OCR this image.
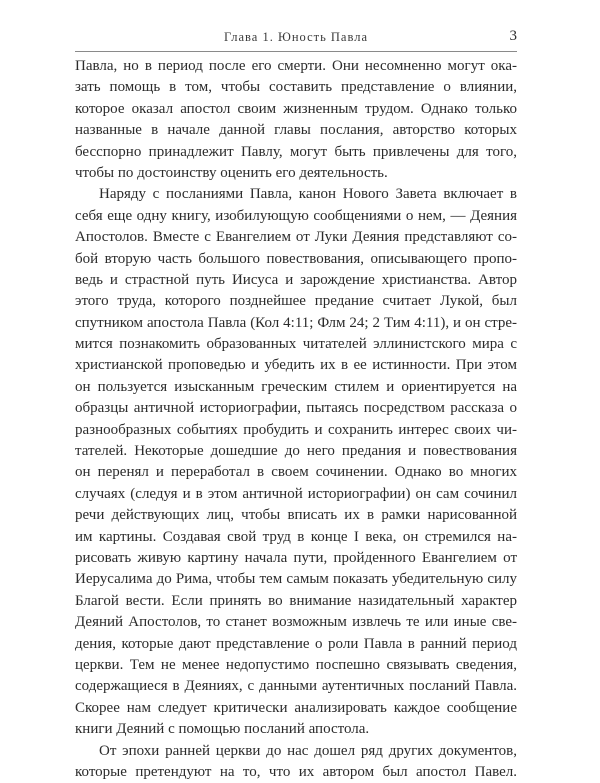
Глава 1. Юность Павла	3
Павла, но в период после его смерти. Они несомненно могут ока-
зать помощь в том, чтобы составить представление о влиянии,
которое оказал апостол своим жизненным трудом. Однако только
названные в начале данной главы послания, авторство которых
бесспорно принадлежит Павлу, могут быть привлечены для того,
чтобы по достоинству оценить его деятельность.
Наряду с посланиями Павла, канон Нового Завета включает в
себя еще одну книгу, изобилующую сообщениями о нем, — Деяния
Апостолов. Вместе с Евангелием от Луки Деяния представляют со-
бой вторую часть большого повествования, описывающего пропо-
ведь и страстной путь Иисуса и зарождение христианства. Автор
этого труда, которого позднейшее предание считает Лукой, был
спутником апостола Павла (Кол 4:11; Флм 24; 2 Тим 4:11), и он стре-
мится познакомить образованных читателей эллинистского мира с
христианской проповедью и убедить их в ее истинности. При этом
он пользуется изысканным греческим стилем и ориентируется на
образцы античной историографии, пытаясь посредством рассказа о
разнообразных событиях пробудить и сохранить интерес своих чи-
тателей. Некоторые дошедшие до него предания и повествования
он перенял и переработал в своем сочинении. Однако во многих
случаях (следуя и в этом античной историографии) он сам сочинил
речи действующих лиц, чтобы вписать их в рамки нарисованной
им картины. Создавая свой труд в конце I века, он стремился на-
рисовать живую картину начала пути, пройденного Евангелием от
Иерусалима до Рима, чтобы тем самым показать убедительную силу
Благой вести. Если принять во внимание назидательный характер
Деяний Апостолов, то станет возможным извлечь те или иные све-
дения, которые дают представление о роли Павла в ранний период
церкви. Тем не менее недопустимо поспешно связывать сведения,
содержащиеся в Деяниях, с данными аутентичных посланий Павла.
Скорее нам следует критически анализировать каждое сообщение
книги Деяний с помощью посланий апостола.
От эпохи ранней церкви до нас дошел ряд других документов,
которые претендуют на то, что их автором был апостол Павел.
